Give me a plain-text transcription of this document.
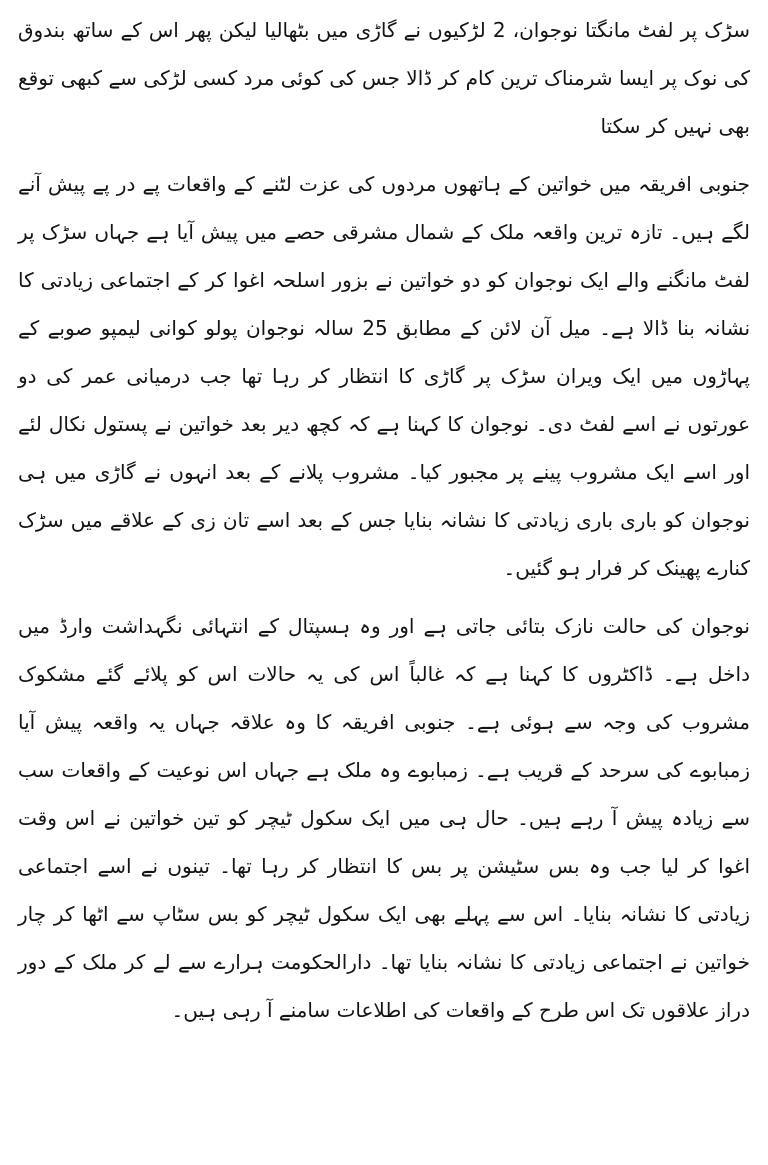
سڑک پر لفٹ مانگتا نوجوان، 2 لڑکیوں نے گاڑی میں بٹھالیا لیکن پھر اس کے ساتھ بندوق کی نوک پر ایسا شرمناک ترین کام کر ڈالا جس کی کوئی مرد کسی لڑکی سے کبھی توقع بھی نہیں کر سکتا

جنوبی افریقہ میں خواتین کے ہاتھوں مردوں کی عزت لٹنے کے واقعات پے در پے پیش آنے لگے ہیں۔ تازہ ترین واقعہ ملک کے شمال مشرقی حصے میں پیش آیا ہے جہاں سڑک پر لفٹ مانگنے والے ایک نوجوان کو دو خواتین نے بزور اسلحہ اغوا کر کے اجتماعی زیادتی کا نشانہ بنا ڈالا ہے۔ میل آن لائن کے مطابق 25 سالہ نوجوان پولو کوانی لیمپو صوبے کے پہاڑوں میں ایک ویران سڑک پر گاڑی کا انتظار کر رہا تھا جب درمیانی عمر کی دو عورتوں نے اسے لفٹ دی۔ نوجوان کا کہنا ہے کہ کچھ دیر بعد خواتین نے پستول نکال لئے اور اسے ایک مشروب پینے پر مجبور کیا۔ مشروب پلانے کے بعد انہوں نے گاڑی میں ہی نوجوان کو باری باری زیادتی کا نشانہ بنایا جس کے بعد اسے تان زی کے علاقے میں سڑک کنارے پھینک کر فرار ہو گئیں۔

نوجوان کی حالت نازک بتائی جاتی ہے اور وہ ہسپتال کے انتہائی نگہداشت وارڈ میں داخل ہے۔ ڈاکٹروں کا کہنا ہے کہ غالباً اس کی یہ حالات اس کو پلائے گئے مشکوک مشروب کی وجہ سے ہوئی ہے۔ جنوبی افریقہ کا وہ علاقہ جہاں یہ واقعہ پیش آیا زمبابوے کی سرحد کے قریب ہے۔ زمبابوے وہ ملک ہے جہاں اس نوعیت کے واقعات سب سے زیادہ پیش آ رہے ہیں۔ حال ہی میں ایک سکول ٹیچر کو تین خواتین نے اس وقت اغوا کر لیا جب وہ بس سٹیشن پر بس کا انتظار کر رہا تھا۔ تینوں نے اسے اجتماعی زیادتی کا نشانہ بنایا۔ اس سے پہلے بھی ایک سکول ٹیچر کو بس سٹاپ سے اٹھا کر چار خواتین نے اجتماعی زیادتی کا نشانہ بنایا تھا۔ دارالحکومت ہرارے سے لے کر ملک کے دور دراز علاقوں تک اس طرح کے واقعات کی اطلاعات سامنے آ رہی ہیں۔
